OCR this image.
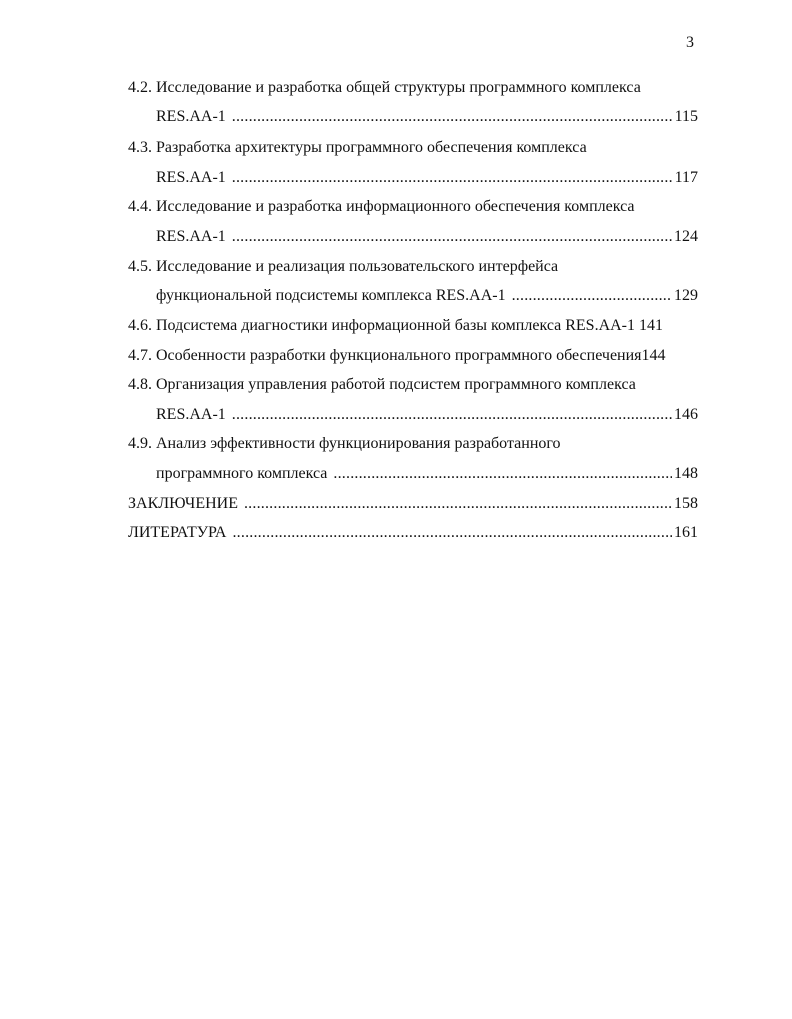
3
4.2. Исследование и разработка общей структуры программного комплекса
RES.AA-1 .....	115
4.3. Разработка архитектуры программного обеспечения комплекса
RES.AA-1 .....	117
4.4. Исследование и разработка информационного обеспечения комплекса
RES.AA-1 .....	124
4.5. Исследование и реализация пользовательского интерфейса
функциональной подсистемы комплекса RES.AA-1 .....	129
4.6. Подсистема диагностики информационной базы комплекса RES.AA-1 141
4.7. Особенности разработки функционального программного обеспечения144
4.8. Организация управления работой подсистем программного комплекса
RES.AA-1 .....	146
4.9. Анализ эффективности функционирования разработанного
программного комплекса .....	148
ЗАКЛЮЧЕНИЕ .....	158
ЛИТЕРАТУРА .....	161
